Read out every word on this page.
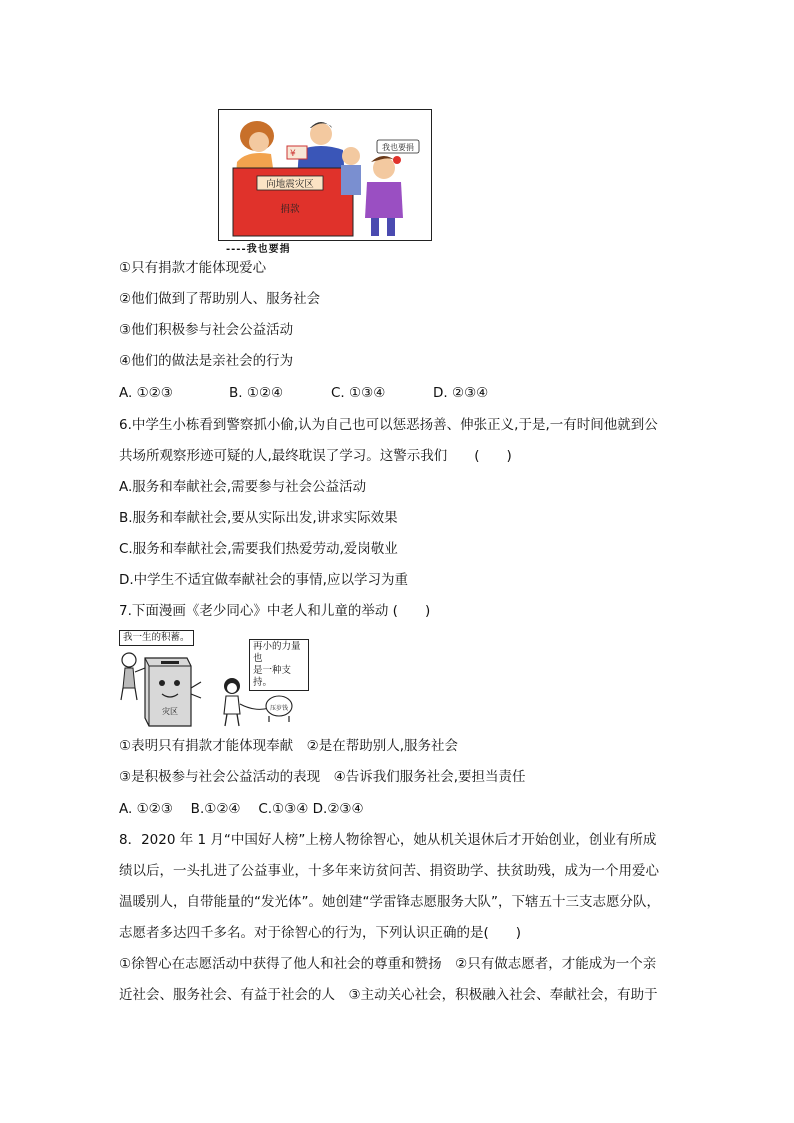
¥
向地震灾区
捐款
我也要捐
----我也要捐
①只有捐款才能体现爱心
②他们做到了帮助别人、服务社会
③他们积极参与社会公益活动
④他们的做法是亲社会的行为
A. ①②③	B. ①②④	C. ①③④	D. ②③④
6.中学生小栋看到警察抓小偷,认为自己也可以惩恶扬善、伸张正义,于是,一有时间他就到公
共场所观察形迹可疑的人,最终耽误了学习。这警示我们　　(　　)
A.服务和奉献社会,需要参与社会公益活动
B.服务和奉献社会,要从实际出发,讲求实际效果
C.服务和奉献社会,需要我们热爱劳动,爱岗敬业
D.中学生不适宜做奉献社会的事情,应以学习为重
7.下面漫画《老少同心》中老人和儿童的举动 (　　)
我一生的积蓄。
再小的力量也
是一种支持。
灾区	压岁钱
①表明只有捐款才能体现奉献　②是在帮助别人,服务社会
③是积极参与社会公益活动的表现　④告诉我们服务社会,要担当责任
A. ①②③　 B.①②④　 C.①③④ D.②③④
8．2020 年 1 月“中国好人榜”上榜人物徐智心，她从机关退休后才开始创业，创业有所成
绩以后，一头扎进了公益事业，十多年来访贫问苦、捐资助学、扶贫助残，成为一个用爱心
温暖别人，自带能量的“发光体”。她创建“学雷锋志愿服务大队”，下辖五十三支志愿分队，
志愿者多达四千多名。对于徐智心的行为，下列认识正确的是(　　)
①徐智心在志愿活动中获得了他人和社会的尊重和赞扬　②只有做志愿者，才能成为一个亲
近社会、服务社会、有益于社会的人　③主动关心社会，积极融入社会、奉献社会，有助于
